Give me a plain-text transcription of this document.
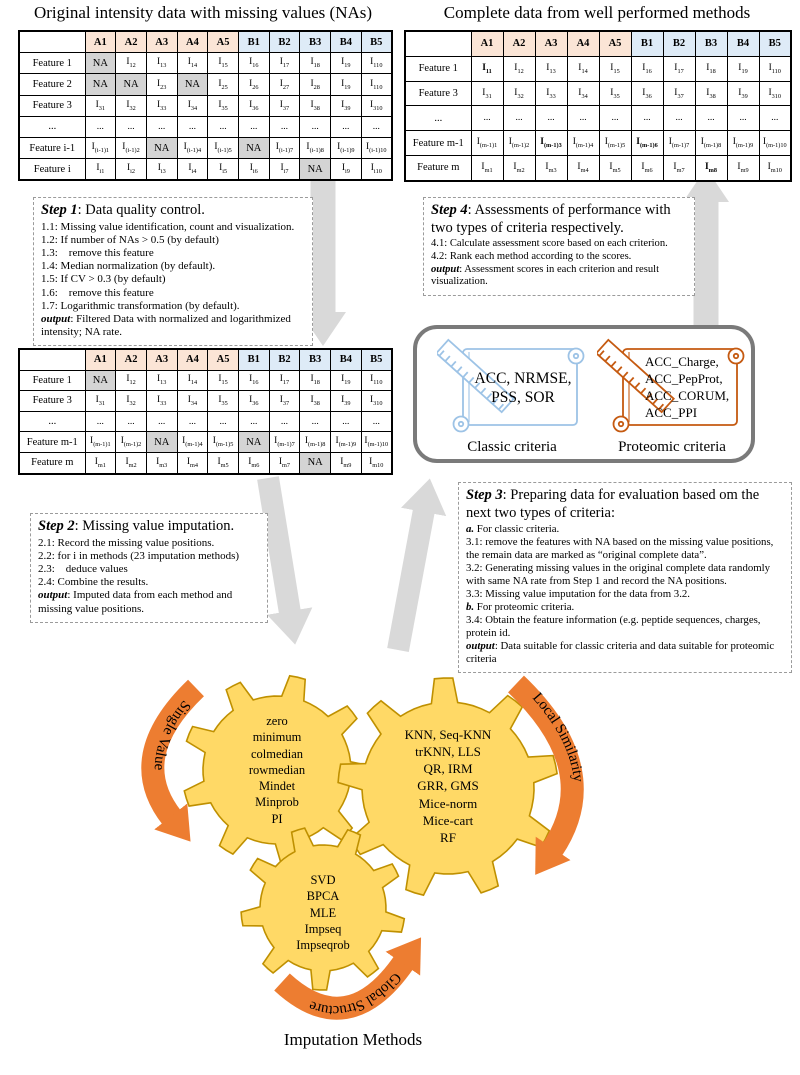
Single Value
Local Similarity
Global Structure
Original intensity data with missing values (NAs)	Complete data from well performed methods
	A1	A2	A3	A4	A5	B1	B2	B3	B4	B5
Feature 1	NA	$I_{12}$	$I_{13}$	$I_{14}$	$I_{15}$	$I_{16}$	$I_{17}$	$I_{18}$	$I_{19}$	$I_{110}$
Feature 2	NA	NA	$I_{23}$	NA	$I_{25}$	$I_{26}$	$I_{27}$	$I_{28}$	$I_{19}$	$I_{110}$
Feature 3	$I_{31}$	$I_{32}$	$I_{33}$	$I_{34}$	$I_{35}$	$I_{36}$	$I_{37}$	$I_{38}$	$I_{39}$	$I_{310}$
...	...	...	...	...	...	...	...	...	...	...
Feature i-1	$I_{(i-1)1}$	$I_{(i-1)2}$	NA	$I_{(i-1)4}$	$I_{(i-1)5}$	NA	$I_{(i-1)7}$	$I_{(i-1)8}$	$I_{(i-1)9}$	$I_{(i-1)10}$
Feature i	$I_{i1}$	$I_{i2}$	$I_{i3}$	$I_{i4}$	$I_{i5}$	$I_{i6}$	$I_{i7}$	NA	$I_{i9}$	$I_{i10}$
	A1	A2	A3	A4	A5	B1	B2	B3	B4	B5
Feature 1	NA	$I_{12}$	$I_{13}$	$I_{14}$	$I_{15}$	$I_{16}$	$I_{17}$	$I_{18}$	$I_{19}$	$I_{110}$
Feature 3	$I_{31}$	$I_{32}$	$I_{33}$	$I_{34}$	$I_{35}$	$I_{36}$	$I_{37}$	$I_{38}$	$I_{39}$	$I_{310}$
...	...	...	...	...	...	...	...	...	...	...
Feature m-1	$I_{(m-1)1}$	$I_{(m-1)2}$	NA	$I_{(m-1)4}$	$I_{(m-1)5}$	NA	$I_{(m-1)7}$	$I_{(m-1)8}$	$I_{(m-1)9}$	$I_{(m-1)10}$
Feature m	$I_{m1}$	$I_{m2}$	$I_{m3}$	$I_{m4}$	$I_{m5}$	$I_{m6}$	$I_{m7}$	NA	$I_{m9}$	$I_{m10}$
	A1	A2	A3	A4	A5	B1	B2	B3	B4	B5
Feature 1	$I_{11}$	$I_{12}$	$I_{13}$	$I_{14}$	$I_{15}$	$I_{16}$	$I_{17}$	$I_{18}$	$I_{19}$	$I_{110}$
Feature 3	$I_{31}$	$I_{32}$	$I_{33}$	$I_{34}$	$I_{35}$	$I_{36}$	$I_{37}$	$I_{38}$	$I_{39}$	$I_{310}$
...	...	...	...	...	...	...	...	...	...	...
Feature m-1	$I_{(m-1)1}$	$I_{(m-1)2}$	$I_{(m-1)3}$	$I_{(m-1)4}$	$I_{(m-1)5}$	$I_{(m-1)6}$	$I_{(m-1)7}$	$I_{(m-1)8}$	$I_{(m-1)9}$	$I_{(m-1)10}$
Feature m	$I_{m1}$	$I_{m2}$	$I_{m3}$	$I_{m4}$	$I_{m5}$	$I_{m6}$	$I_{m7}$	$I_{m8}$	$I_{m9}$	$I_{m10}$
Step 1: Data quality control.
1.1: Missing value identification, count and visualization.
1.2: If number of NAs > 0.5 (by default)
1.3:    remove this feature
1.4: Median normalization (by default).
1.5: If CV > 0.3 (by default)
1.6:    remove this feature
1.7: Logarithmic transformation (by default).
output: Filtered Data with normalized and logarithmized intensity; NA rate.
Step 2: Missing value imputation.
2.1: Record the missing value positions.
2.2: for i in methods (23 imputation methods)
2.3:    deduce values
2.4: Combine the results.
output: Imputed data from each method and missing value positions.
Step 3: Preparing data for evaluation based om the next two types of criteria:
a. For classic criteria.
3.1: remove the features with NA based on the missing value positions, the remain data are marked as “original complete data”.
3.2: Generating missing values in the original complete data randomly with same NA rate from Step 1 and record the NA positions.
3.3: Missing value imputation for the data from 3.2.
b. For proteomic criteria.
3.4: Obtain the feature information (e.g. peptide sequences, charges, protein id.
output: Data suitable for classic criteria and data suitable for proteomic criteria
Step 4: Assessments of performance with two types of criteria respectively.
4.1: Calculate assessment score based on each criterion.
4.2: Rank each method according to the scores.
output: Assessment scores in each criterion and result visualization.
ACC, NRMSE,
PSS, SOR
Classic criteria
ACC_Charge,
ACC_PepProt,
ACC_CORUM,
ACC_PPI
Proteomic criteria
zero
minimum
colmedian
rowmedian
Mindet
Minprob
PI
KNN, Seq-KNN
trKNN, LLS
QR, IRM
GRR, GMS
Mice-norm
Mice-cart
RF
SVD
BPCA
MLE
Impseq
Impseqrob
Imputation Methods
